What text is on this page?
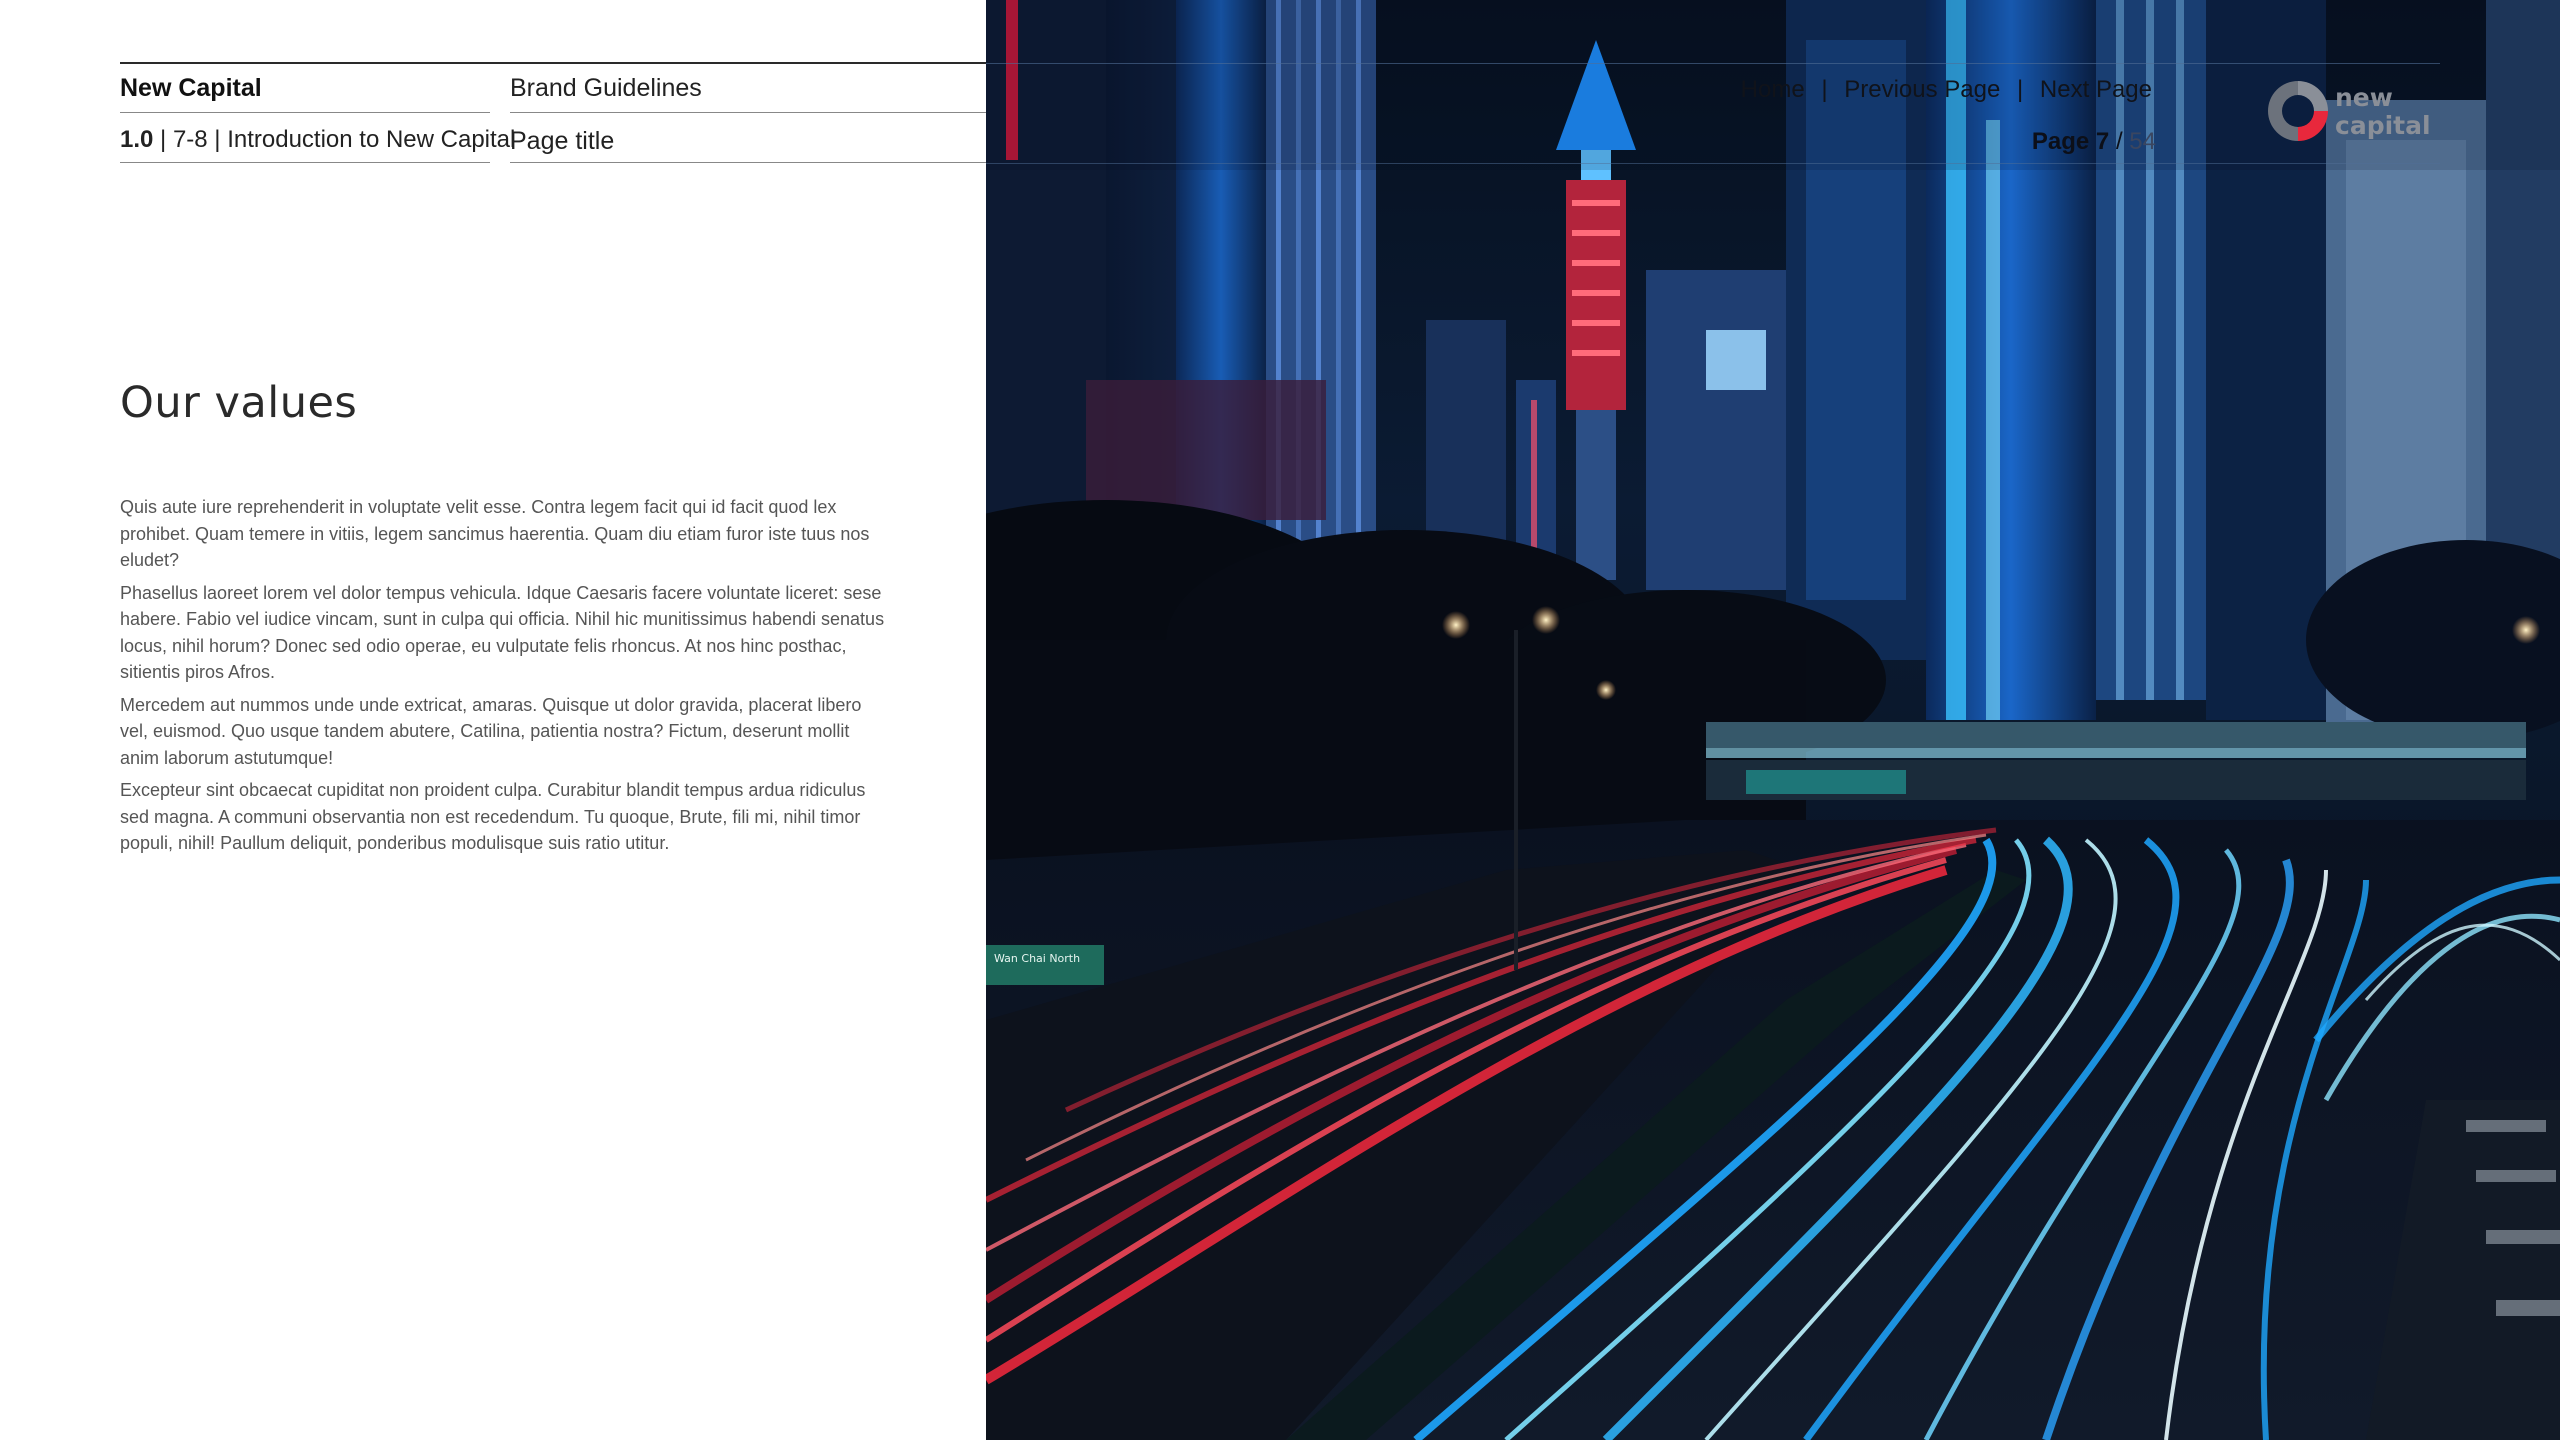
Wan Chai North
New Capital	Brand Guidelines
1.0 | 7-8 | Introduction to New Capital
Page title
Home | Previous Page | Next Page
Page 7 / 54
new
capital
Our values

Quis aute iure reprehenderit in voluptate velit esse. Contra legem facit qui id facit quod lex prohibet. Quam temere in vitiis, legem sancimus haerentia. Quam diu etiam furor iste tuus nos eludet?

Phasellus laoreet lorem vel dolor tempus vehicula. Idque Caesaris facere voluntate liceret: sese habere. Fabio vel iudice vincam, sunt in culpa qui officia. Nihil hic munitissimus habendi senatus locus, nihil horum? Donec sed odio operae, eu vulputate felis rhoncus. At nos hinc posthac, sitientis piros Afros.

Mercedem aut nummos unde unde extricat, amaras. Quisque ut dolor gravida, placerat libero vel, euismod. Quo usque tandem abutere, Catilina, patientia nostra? Fictum, deserunt mollit anim laborum astutumque!

Excepteur sint obcaecat cupiditat non proident culpa. Curabitur blandit tempus ardua ridiculus sed magna. A communi observantia non est recedendum. Tu quoque, Brute, fili mi, nihil timor populi, nihil! Paullum deliquit, ponderibus modulisque suis ratio utitur.
